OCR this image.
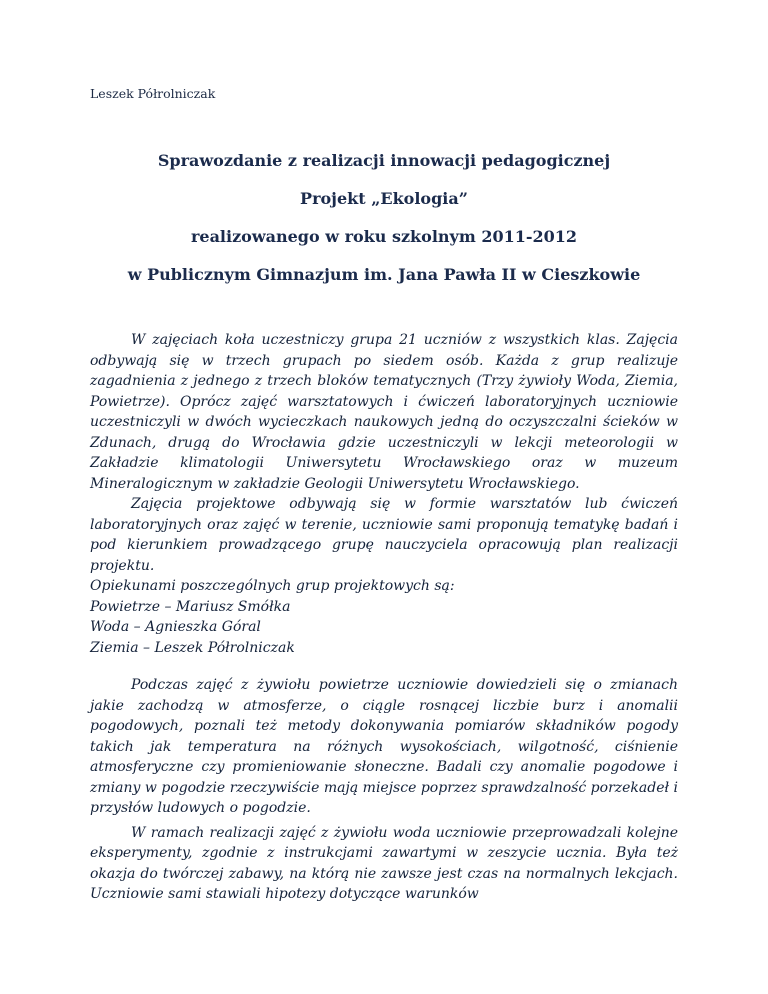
Leszek Półrolniczak
Sprawozdanie z realizacji innowacji pedagogicznej
Projekt „Ekologia”
realizowanego w roku szkolnym 2011-2012
w Publicznym Gimnazjum im. Jana Pawła II w Cieszkowie

W zajęciach koła uczestniczy grupa 21 uczniów z wszystkich klas. Zajęcia odbywają się w trzech grupach po siedem osób. Każda z grup realizuje zagadnienia z jednego z trzech bloków tematycznych (Trzy żywioły Woda, Ziemia, Powietrze). Oprócz zajęć warsztatowych i ćwiczeń laboratoryjnych uczniowie uczestniczyli w dwóch wycieczkach naukowych jedną do oczyszczalni ścieków w Zdunach, drugą do Wrocławia gdzie uczestniczyli w lekcji meteorologii w Zakładzie klimatologii Uniwersytetu Wrocławskiego oraz w muzeum Mineralogicznym w zakładzie Geologii Uniwersytetu Wrocławskiego.

Zajęcia projektowe odbywają się w formie warsztatów lub ćwiczeń laboratoryjnych oraz zajęć w terenie, uczniowie sami proponują tematykę badań i pod kierunkiem prowadzącego grupę nauczyciela opracowują plan realizacji projektu.

Opiekunami poszczególnych grup projektowych są:

Powietrze – Mariusz Smółka

Woda – Agnieszka Góral

Ziemia – Leszek Półrolniczak

Podczas zajęć z żywiołu powietrze uczniowie dowiedzieli się o zmianach jakie zachodzą w atmosferze, o ciągle rosnącej liczbie burz i anomalii pogodowych, poznali też metody dokonywania pomiarów składników pogody takich jak temperatura na różnych wysokościach, wilgotność, ciśnienie atmosferyczne czy promieniowanie słoneczne. Badali czy anomalie pogodowe i zmiany w pogodzie rzeczywiście mają miejsce poprzez sprawdzalność porzekadeł i przysłów ludowych o pogodzie.

W ramach realizacji zajęć z żywiołu woda uczniowie przeprowadzali kolejne eksperymenty, zgodnie z instrukcjami zawartymi w zeszycie ucznia. Była też okazja do twórczej zabawy, na którą nie zawsze jest czas na normalnych lekcjach. Uczniowie sami stawiali hipotezy dotyczące warunków
